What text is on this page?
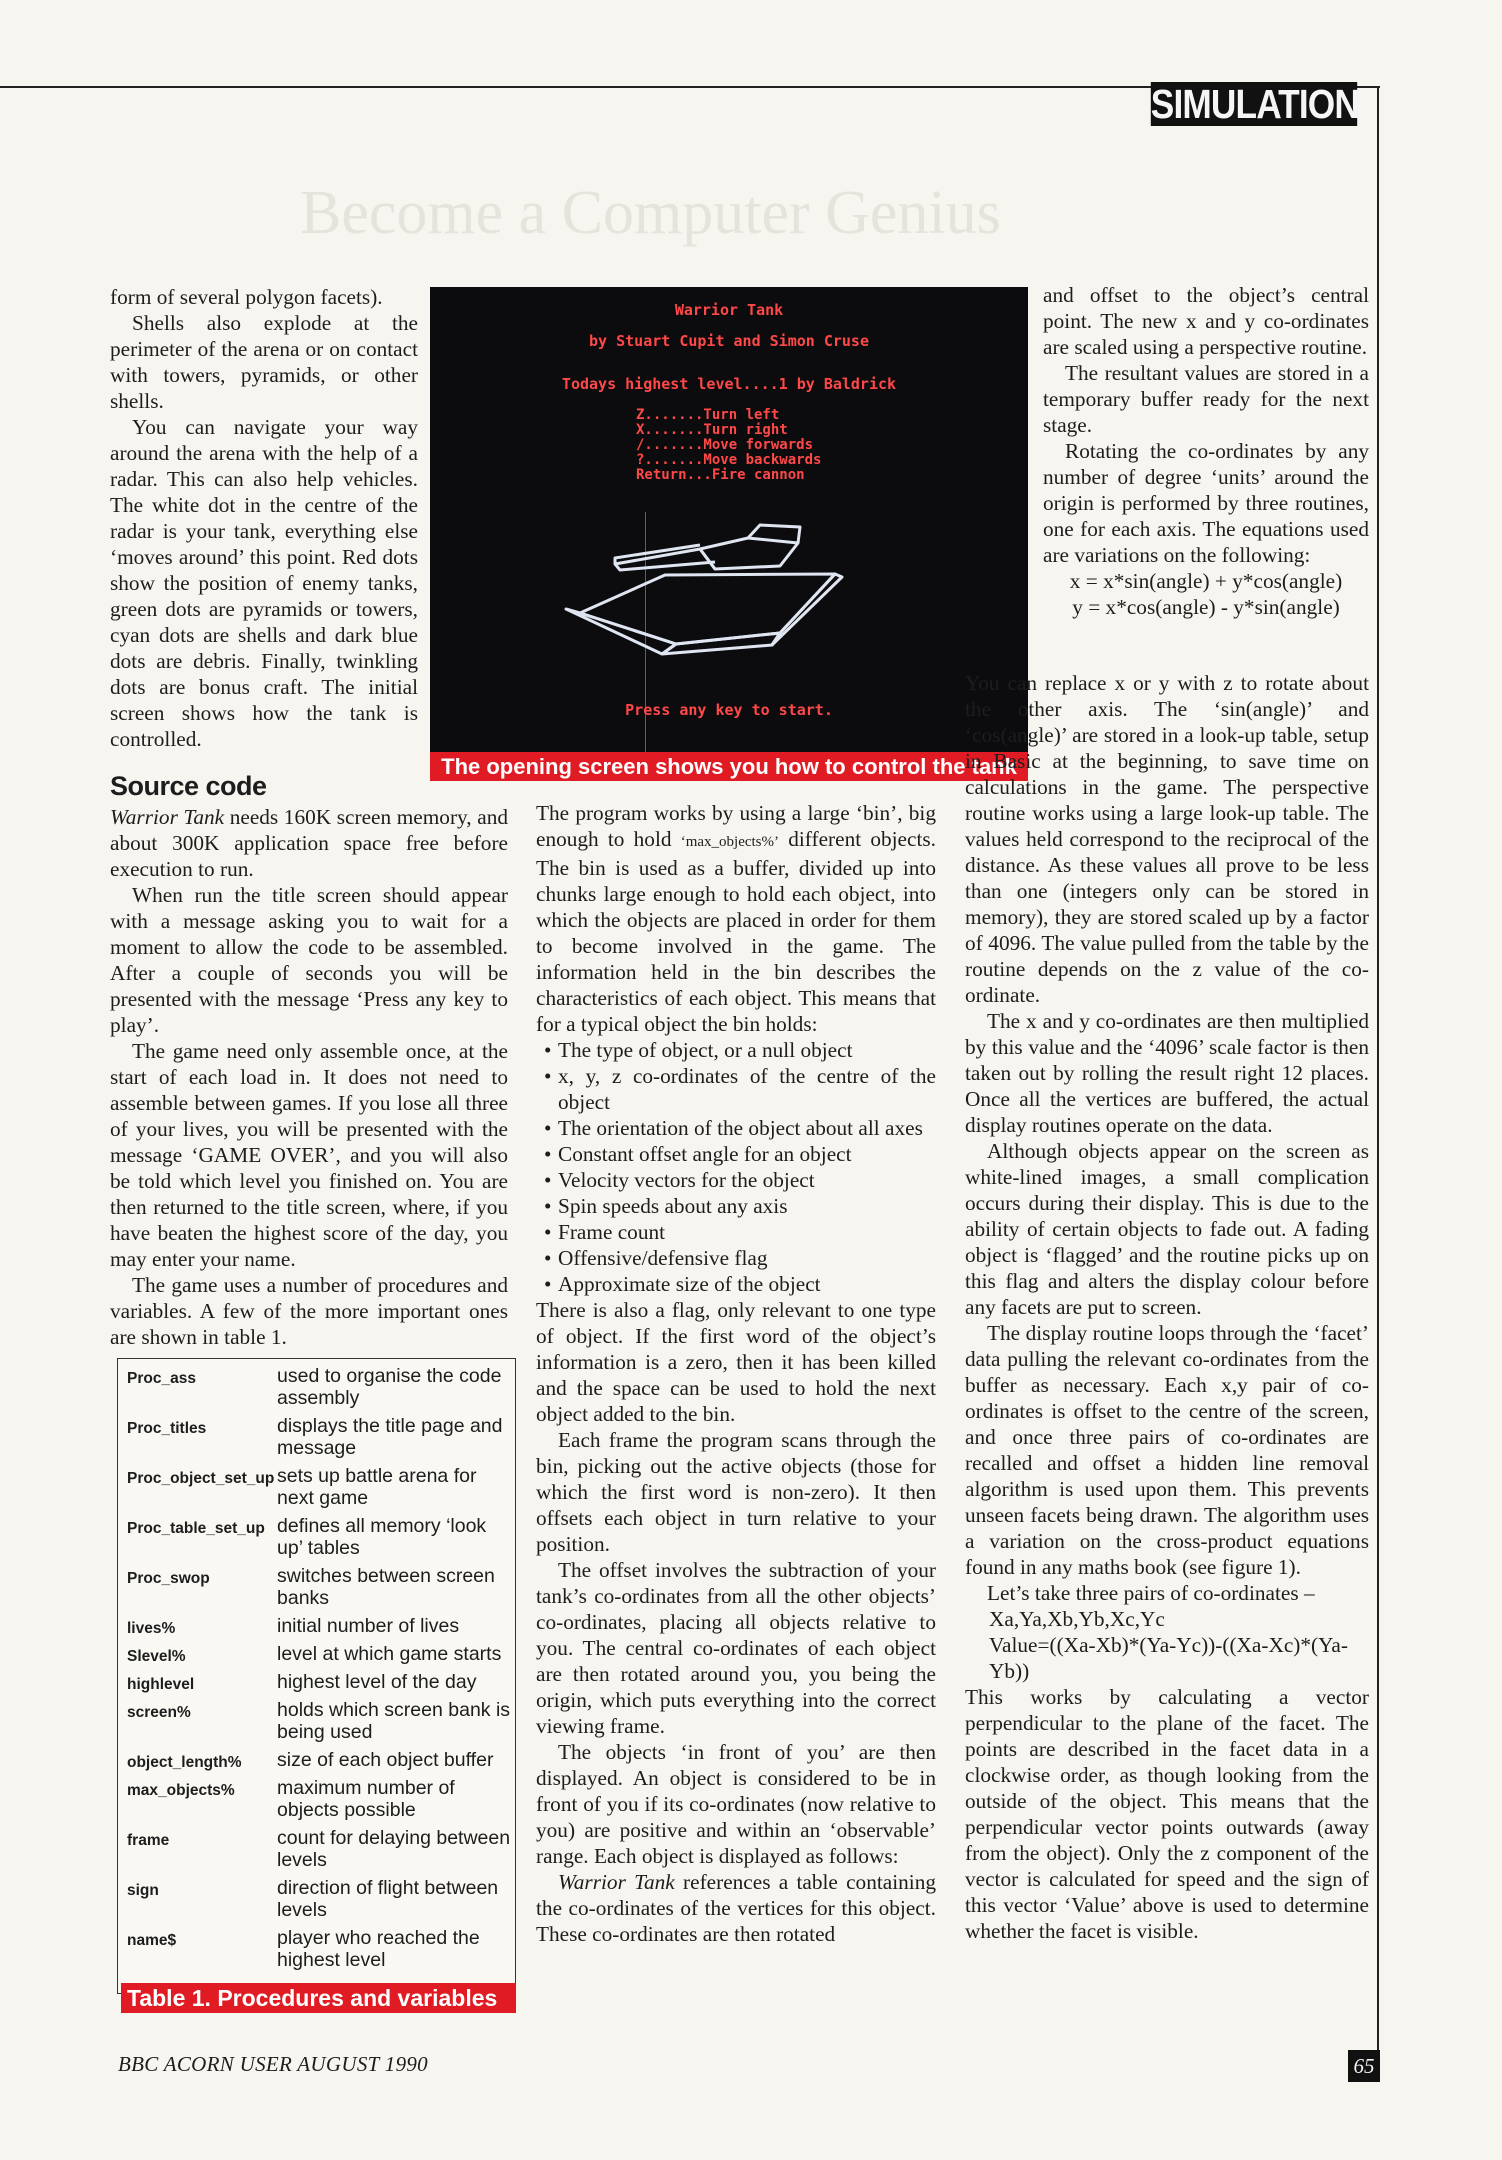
Become a Computer Genius
SIMULATION

form of several polygon facets).

Shells also explode at the perimeter of the arena or on contact with towers, pyramids, or other shells.

You can navigate your way around the arena with the help of a radar. This can also help vehicles. The white dot in the centre of the radar is your tank, everything else ‘moves around’ this point. Red dots show the position of enemy tanks, green dots are pyramids or towers, cyan dots are shells and dark blue dots are debris. Finally, twinkling dots are bonus craft. The initial screen shows how the tank is controlled.

Source code

Warrior Tank needs 160K screen memory, and about 300K application space free before execution to run.

When run the title screen should appear with a message asking you to wait for a moment to allow the code to be assembled. After a couple of seconds you will be presented with the message ‘Press any key to play’.

The game need only assemble once, at the start of each load in. It does not need to assemble between games. If you lose all three of your lives, you will be presented with the message ‘GAME OVER’, and you will also be told which level you finished on. You are then returned to the title screen, where, if you have beaten the highest score of the day, you may enter your name.

The game uses a number of procedures and variables. A few of the more important ones are shown in table 1.

Warrior Tank
by Stuart Cupit and Simon Cruse
Todays highest level....1 by Baldrick
Z.......Turn left
X.......Turn right
/.......Move forwards
?.......Move backwards
Return...Fire cannon
Press any key to start.
The opening screen shows you how to control the tank
Proc_ass	used to organise the code assembly
Proc_titles	displays the title page and message
Proc_object_set_up	sets up battle arena for next game
Proc_table_set_up	defines all memory ‘look up’ tables
Proc_swop	switches between screen banks
lives%	initial number of lives
Slevel%	level at which game starts
highlevel	highest level of the day
screen%	holds which screen bank is being used
object_length%	size of each object buffer
max_objects%	maximum number of objects possible
frame	count for delaying between levels
sign	direction of flight between levels
name$	player who reached the highest level
Table 1. Procedures and variables

The program works by using a large ‘bin’, big enough to hold ‘max_objects%’ different objects. The bin is used as a buffer, divided up into chunks large enough to hold each object, into which the objects are placed in order for them to become involved in the game. The information held in the bin describes the characteristics of each object. This means that for a typical object the bin holds:

• The type of object, or a null object
• x, y, z co-ordinates of the centre of the object
• The orientation of the object about all axes
• Constant offset angle for an object
• Velocity vectors for the object
• Spin speeds about any axis
• Frame count
• Offensive/defensive flag
• Approximate size of the object

There is also a flag, only relevant to one type of object. If the first word of the object’s information is a zero, then it has been killed and the space can be used to hold the next object added to the bin.

Each frame the program scans through the bin, picking out the active objects (those for which the first word is non-zero). It then offsets each object in turn relative to your position.

The offset involves the subtraction of your tank’s co-ordinates from all the other objects’ co-ordinates, placing all objects relative to you. The central co-ordinates of each object are then rotated around you, you being the origin, which puts everything into the correct viewing frame.

The objects ‘in front of you’ are then displayed. An object is considered to be in front of you if its co-ordinates (now relative to you) are positive and within an ‘observable’ range. Each object is displayed as follows:

Warrior Tank references a table containing the co-ordinates of the vertices for this object. These co-ordinates are then rotated

and offset to the object’s central point. The new x and y co-ordinates are scaled using a perspective routine.

The resultant values are stored in a temporary buffer ready for the next stage.

Rotating the co-ordinates by any number of degree ‘units’ around the origin is performed by three routines, one for each axis. The equations used are variations on the following:

x = x*sin(angle) + y*cos(angle)

y = x*cos(angle) - y*sin(angle)

You can replace x or y with z to rotate about the other axis. The ‘sin(angle)’ and ‘cos(angle)’ are stored in a look-up table, setup in Basic at the beginning, to save time on calculations in the game. The perspective routine works using a large look-up table. The values held correspond to the reciprocal of the distance. As these values all prove to be less than one (integers only can be stored in memory), they are stored scaled up by a factor of 4096. The value pulled from the table by the routine depends on the z value of the co-ordinate.

The x and y co-ordinates are then multiplied by this value and the ‘4096’ scale factor is then taken out by rolling the result right 12 places. Once all the vertices are buffered, the actual display routines operate on the data.

Although objects appear on the screen as white-lined images, a small complication occurs during their display. This is due to the ability of certain objects to fade out. A fading object is ‘flagged’ and the routine picks up on this flag and alters the display colour before any facets are put to screen.

The display routine loops through the ‘facet’ data pulling the relevant co-ordinates from the buffer as necessary. Each x,y pair of co-ordinates is offset to the centre of the screen, and once three pairs of co-ordinates are recalled and offset a hidden line removal algorithm is used upon them. This prevents unseen facets being drawn. The algorithm uses a variation on the cross-product equations found in any maths book (see figure 1).

Let’s take three pairs of co-ordinates –

Xa,Ya,Xb,Yb,Xc,Yc

Value=((Xa-Xb)*(Ya-Yc))-((Xa-Xc)*(Ya-Yb))

This works by calculating a vector perpendicular to the plane of the facet. The points are described in the facet data in a clockwise order, as though looking from the outside of the object. This means that the perpendicular vector points outwards (away from the object). Only the z component of the vector is calculated for speed and the sign of this vector ‘Value’ above is used to determine whether the facet is visible.

BBC ACORN USER AUGUST 1990	65
